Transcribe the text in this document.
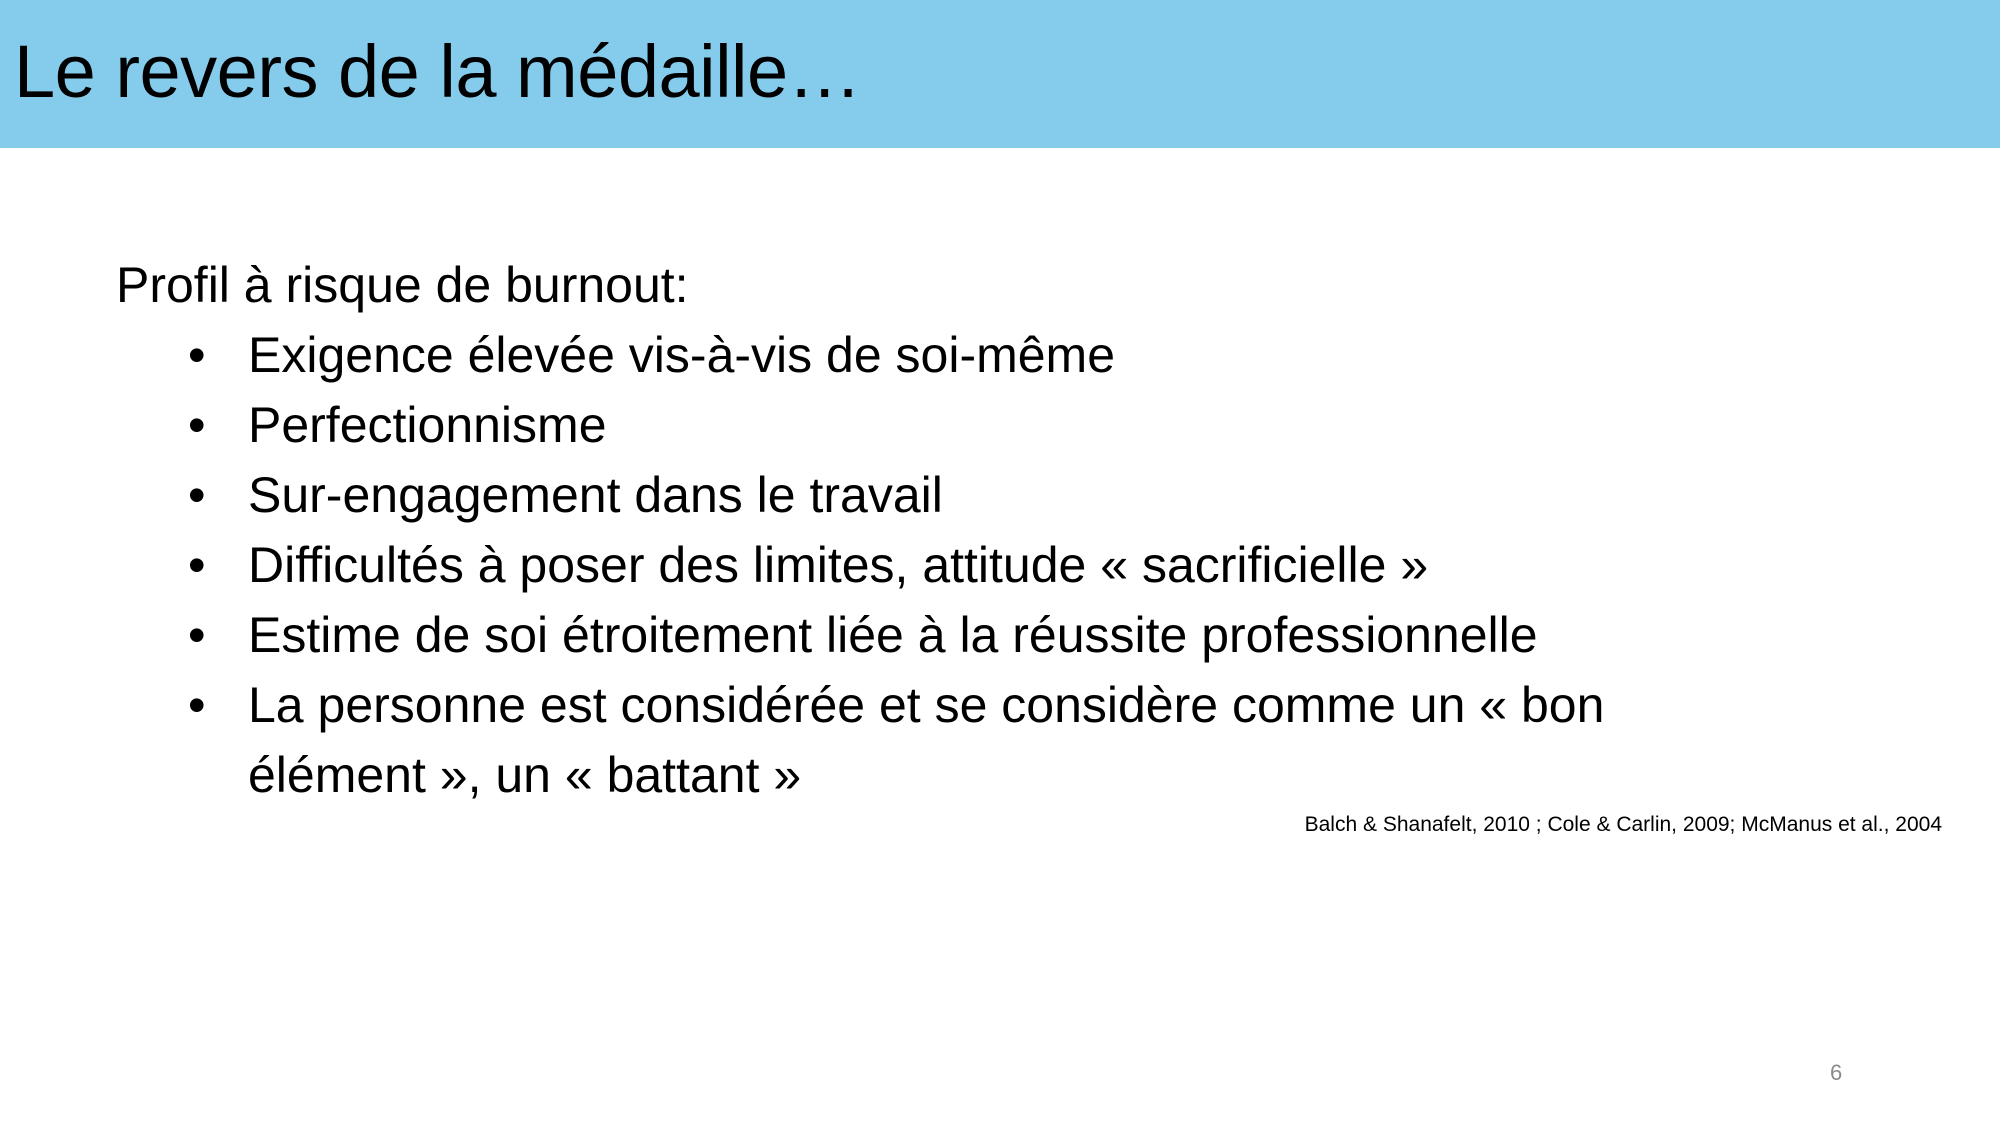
Le revers de la médaille…

Profil à risque de burnout:

• Exigence élevée vis-à-vis de soi-même
• Perfectionnisme
• Sur-engagement dans le travail
• Difficultés à poser des limites, attitude « sacrificielle »
• Estime de soi étroitement liée à la réussite professionnelle
• La personne est considérée et se considère comme un « bon élément », un « battant »
Balch & Shanafelt, 2010 ; Cole & Carlin, 2009; McManus et al., 2004
6
